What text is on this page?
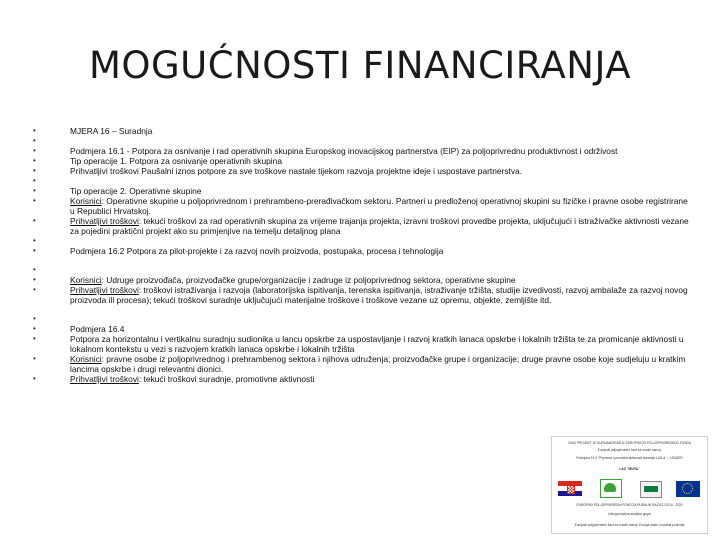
MOGUĆNOSTI FINANCIRANJA
•	MJERA 16 – Suradnja
•
•	Podmjera 16.1 - Potpora za osnivanje i rad operativnih skupina Europskog inovacijskog partnerstva (EIP) za poljoprivrednu produktivnost i održivost
•	Tip operacije 1. Potpora za osnivanje operativnih skupina
•	Prihvatljivi troškovi Paušalni iznos potpore za sve troškove nastale tijekom razvoja projektne ideje i uspostave partnerstva.
•
•	Tip operacije 2. Operativne skupine
•	Korisnici: Operativne skupine u poljoprivrednom i prehrambeno-prerađivačkom sektoru. Partneri u predloženoj operativnoj skupini su fizičke i pravne osobe registrirane u Republici Hrvatskoj.
•	Prihvatljivi troškovi: tekući troškovi za rad operativnih skupina za vrijeme trajanja projekta, izravni troškovi provedbe projekta, uključujući i istraživačke aktivnosti vezane za pojedini praktični projekt ako su primjenjive na temelju detaljnog plana
•
•	Podmjera 16.2 Potpora za pilot-projekte i za razvoj novih proizvoda, postupaka, procesa i tehnologija
•
•	Korisnici: Udruge proizvođača, proizvođačke grupe/organizacije i zadruge iz poljoprivrednog sektora, operativne skupine
•	Prihvatljivi troškovi: troškovi istraživanja i razvoja (laboratorijska ispitivanja, terenska ispitivanja, istraživanje tržišta, studije izvedivosti, razvoj ambalaže za razvoj novog proizvoda ili procesa); tekući troškovi suradnje uključujući materijalne troškove i troškove vezane uz opremu, objekte, zemljište itd.
•
•	Podmjera 16.4
•	Potpora za horizontalnu i vertikalnu suradnju sudionika u lancu opskrbe za uspostavljanje i razvoj kratkih lanaca opskrbe i lokalnih tržišta te za promicanje aktivnosti u lokalnom kontekstu u vezi s razvojem kratkih lanaca opskrbe i lokalnih tržišta
•	Korisnici: pravne osobe iz poljoprivrednog i prehrambenog sektora i njihova udruženja; proizvođačke grupe i organizacije; druge pravne osobe koje sudjeluju u kratkim lancima opskrbe i drugi relevantni dionici.
•	Prihvatljivi troškovi: tekući troškovi suradnje, promotivne aktivnosti
OVAJ PROJEKT JE SUFINANCIRAN IZ EUROPSKOG POLJOPRIVREDNOG FONDA
Europski poljoprivredni fond za ruralni razvoj:
Podmjera 19.3 "Priprema i provedba aktivnosti suradnje LAG-a" – LEADER
LAG "MURA"
EUROPSKI POLJOPRIVREDNI FOND ZA RURALNI RAZVOJ 2014 - 2020
Udruga lokalna akcijska grupa
Europski poljoprivredni fond za ruralni razvoj: Europa ulaže u ruralna područja
